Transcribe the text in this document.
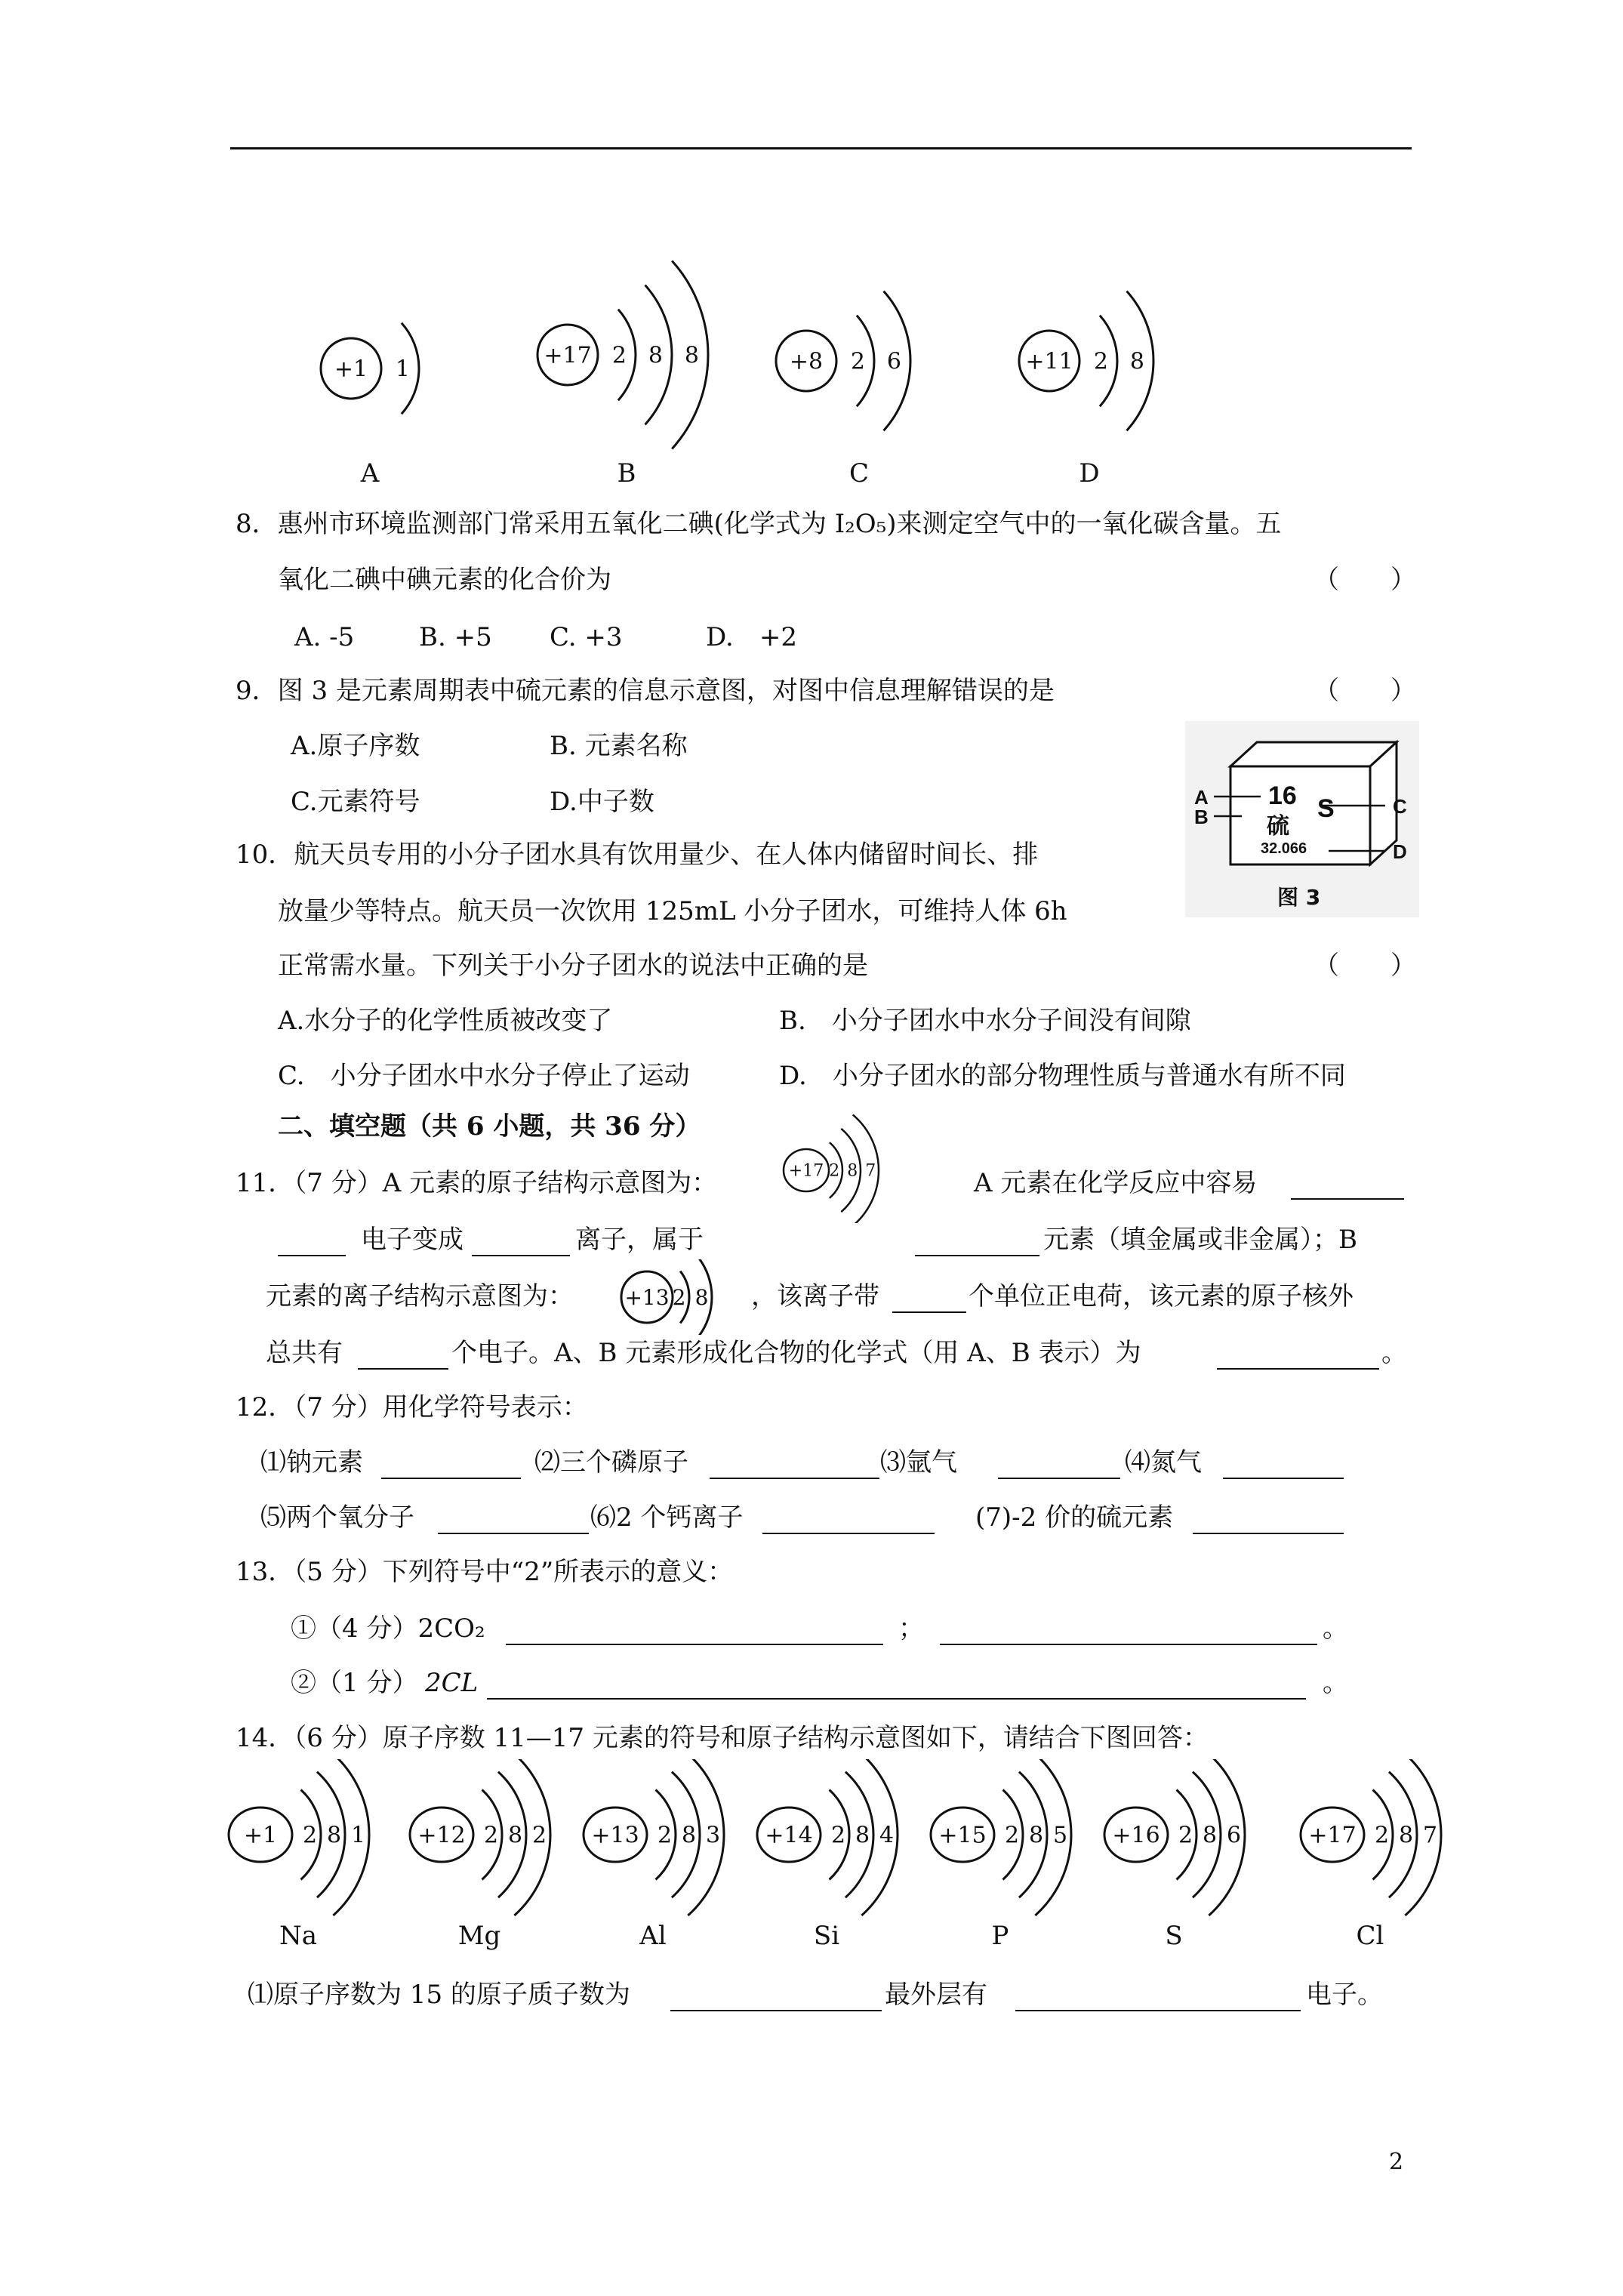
+1 1
A
+17 2 8 8
B
+8 2 6
C
+11 2 8
D
8．惠州市环境监测部门常采用五氧化二碘(化学式为 I₂O₅)来测定空气中的一氧化碳含量。五
氧化二碘中碘元素的化合价为	（　　）
A. -5	B. +5 C. +3	D.　+2
9．图 3 是元素周期表中硫元素的信息示意图，对图中信息理解错误的是	（　　）
A.原子序数	B. 元素名称
C.元素符号	D.中子数	A
B
16
硫
S
32.066
C
D
图 3
10．航天员专用的小分子团水具有饮用量少、在人体内储留时间长、排
放量少等特点。航天员一次饮用 125mL 小分子团水，可维持人体 6h
正常需水量。下列关于小分子团水的说法中正确的是	（　　）
A.水分子的化学性质被改变了	B.　小分子团水中水分子间没有间隙
C.　小分子团水中水分子停止了运动	D.　小分子团水的部分物理性质与普通水有所不同
二、填空题（共 6 小题，共 36 分）
11．（7 分）A 元素的原子结构示意图为：	+17 2 8 7	A 元素在化学反应中容易
电子变成	离子，属于	元素（填金属或非金属）；B
元素的离子结构示意图为： +13 2 8 ，该离子带	个单位正电荷，该元素的原子核外
总共有	个电子。A、B 元素形成化合物的化学式（用 A、B 表示）为	。
12．（7 分）用化学符号表示：
⑴钠元素	⑵三个磷原子	⑶氩气	⑷氮气
⑸两个氧分子	⑹2 个钙离子	(7)-2 价的硫元素
13．（5 分）下列符号中“2”所表示的意义：
①（4 分）2CO₂	；	。
②（1 分） 2CL	。
14．（6 分）原子序数 11—17 元素的符号和原子结构示意图如下，请结合下图回答：
+1 2 8 1
Na
+12 2 8 2
Mg
+13 2 8 3
Al
+14 2 8 4
Si
+15 2 8 5
P
+16 2 8 6
S
+17 2 8 7
Cl
⑴原子序数为 15 的原子质子数为	最外层有	电子。
2
